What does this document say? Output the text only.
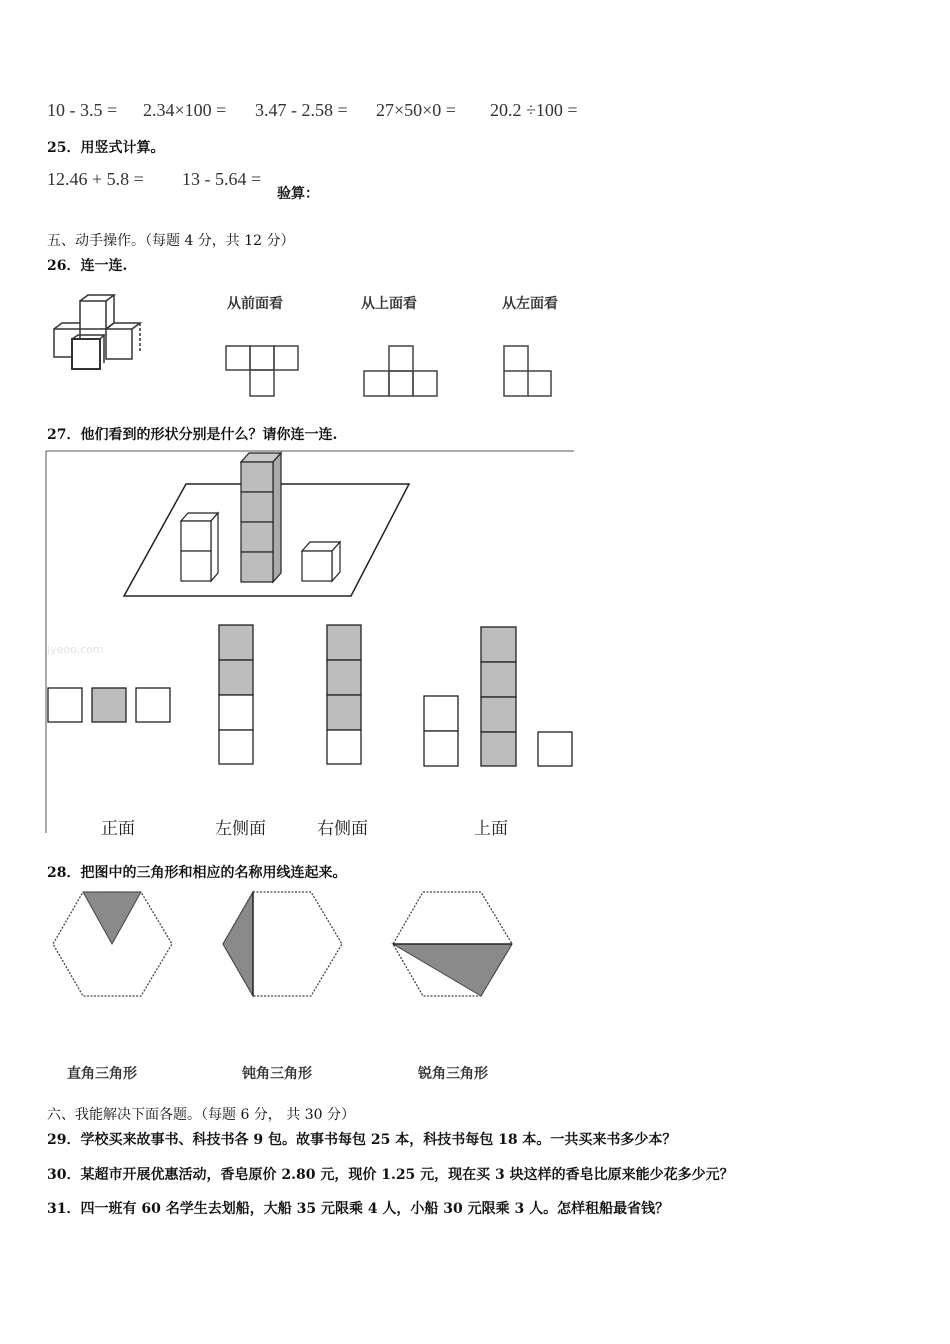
10 - 3.5 = 2.34×100 = 3.47 - 2.58 = 27×50×0 = 20.2 ÷100 =
25．用竖式计算。
12.46 + 5.8 = 13 - 5.64 =
验算：
五、动手操作。（每题 4 分，共 12 分）
26．连一连.
从前面看	从上面看	从左面看
27．他们看到的形状分别是什么？请你连一连.
jyeoo.com
正面	左侧面	右侧面	上面
28．把图中的三角形和相应的名称用线连起来。
直角三角形	钝角三角形	锐角三角形
六、我能解决下面各题。（每题 6 分， 共 30 分）
29．学校买来故事书、科技书各 9 包。故事书每包 25 本，科技书每包 18 本。一共买来书多少本？
30．某超市开展优惠活动，香皂原价 2.80 元，现价 1.25 元，现在买 3 块这样的香皂比原来能少花多少元？
31．四一班有 60 名学生去划船，大船 35 元限乘 4 人，小船 30 元限乘 3 人。怎样租船最省钱？
